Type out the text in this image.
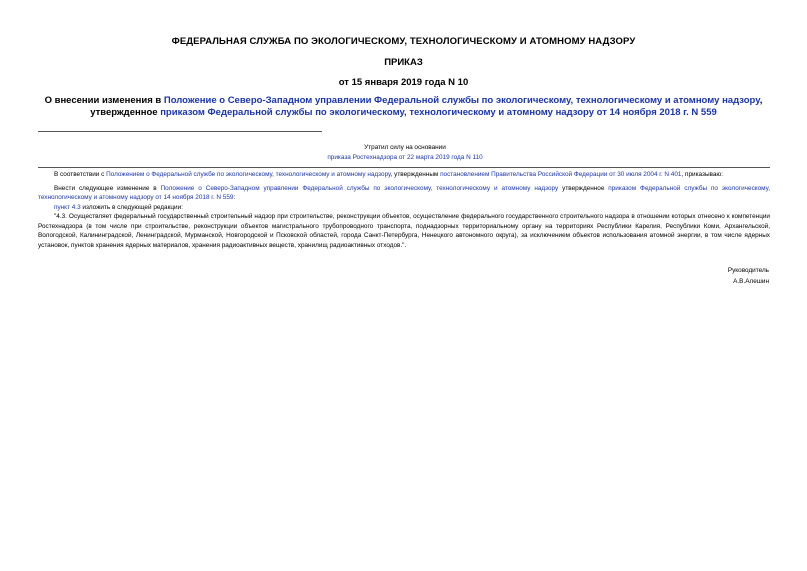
ФЕДЕРАЛЬНАЯ СЛУЖБА ПО ЭКОЛОГИЧЕСКОМУ, ТЕХНОЛОГИЧЕСКОМУ И АТОМНОМУ НАДЗОРУ
ПРИКАЗ
от 15 января 2019 года N 10
О внесении изменения в Положение о Северо-Западном управлении Федеральной службы по экологическому, технологическому и атомному надзору, утвержденное приказом Федеральной службы по экологическому, технологическому и атомному надзору от 14 ноября 2018 г. N 559
Утратил силу на основании
приказа Ростехнадзора от 22 марта 2019 года N 110

В соответствии с Положением о Федеральной службе по экологическому, технологическому и атомному надзору, утвержденным постановлением Правительства Российской Федерации от 30 июля 2004 г. N 401, приказываю:

Внести следующее изменение в Положение о Северо-Западном управлении Федеральной службы по экологическому, технологическому и атомному надзору утвержденное приказом Федеральной службы по экологическому, технологическому и атомному надзору от 14 ноября 2018 г. N 559:

пункт 4.3 изложить в следующей редакции:

"4.3. Осуществляет федеральный государственный строительный надзор при строительстве, реконструкции объектов, осуществление федерального государственного строительного надзора в отношении которых отнесено к компетенции Ростехнадзора (в том числе при строительстве, реконструкции объектов магистрального трубопроводного транспорта, поднадзорных территориальному органу на территориях Республики Карелия, Республики Коми, Архангельской, Вологодской, Калининградской, Ленинградской, Мурманской, Новгородской и Псковской областей, города Санкт-Петербурга, Ненецкого автономного округа), за исключением объектов использования атомной энергии, в том числе ядерных установок, пунктов хранения ядерных материалов, хранения радиоактивных веществ, хранилищ радиоактивных отходов.".

Руководитель
А.В.Алешин
